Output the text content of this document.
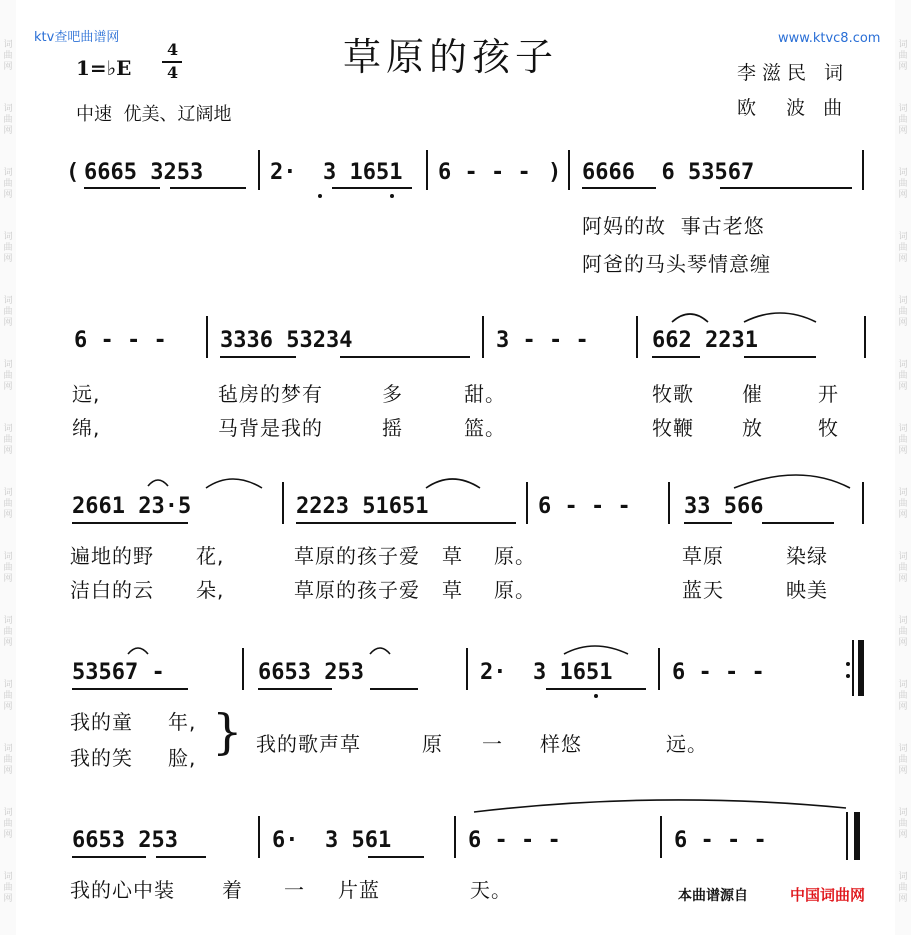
词
曲
网
词
曲
网
词
曲
网
词
曲
网
词
曲
网
词
曲
网
词
曲
网
词
曲
网
词
曲
网
词
曲
网
词
曲
网
词
曲
网
词
曲
网
词
曲
网
词
曲
网
词
曲
网
词
曲
网
词
曲
网
词
曲
网
词
曲
网
词
曲
网
词
曲
网
词
曲
网
词
曲
网
词
曲
网
词
曲
网
词
曲
网
词
曲
网
ktv查吧曲谱网	www.ktvc8.com
草原的孩子
1=♭E
4
4	李滋民 词
欧  波 曲
中速  优美、辽阔地
( 6665 3253	2·  3 1651 6 - - - ) 6666  6 53567
阿妈的故  事古老悠
阿爸的马头琴情意缠
6 - - - 3336 53234	3 - - -	662 2231
远,	毡房的梦有	多	甜。	牧歌 催	开
绵,	马背是我的	摇	篮。	牧鞭 放	牧
2661 23·5	2223 51651	6 - - - 33 566
遍地的野 花,	草原的孩子爱 草 原。	草原	染绿
洁白的云 朵,	草原的孩子爱 草 原。	蓝天	映美
53567 -	6653 253	2·  3 1651	6 - - -
我的童 年,
我的笑 脸, } 我的歌声草	原 一 样悠	远。
6653 253	6·  3 561	6 - - -	6 - - -
我的心中装 着 一 片蓝	天。	本曲谱源自	中国词曲网
